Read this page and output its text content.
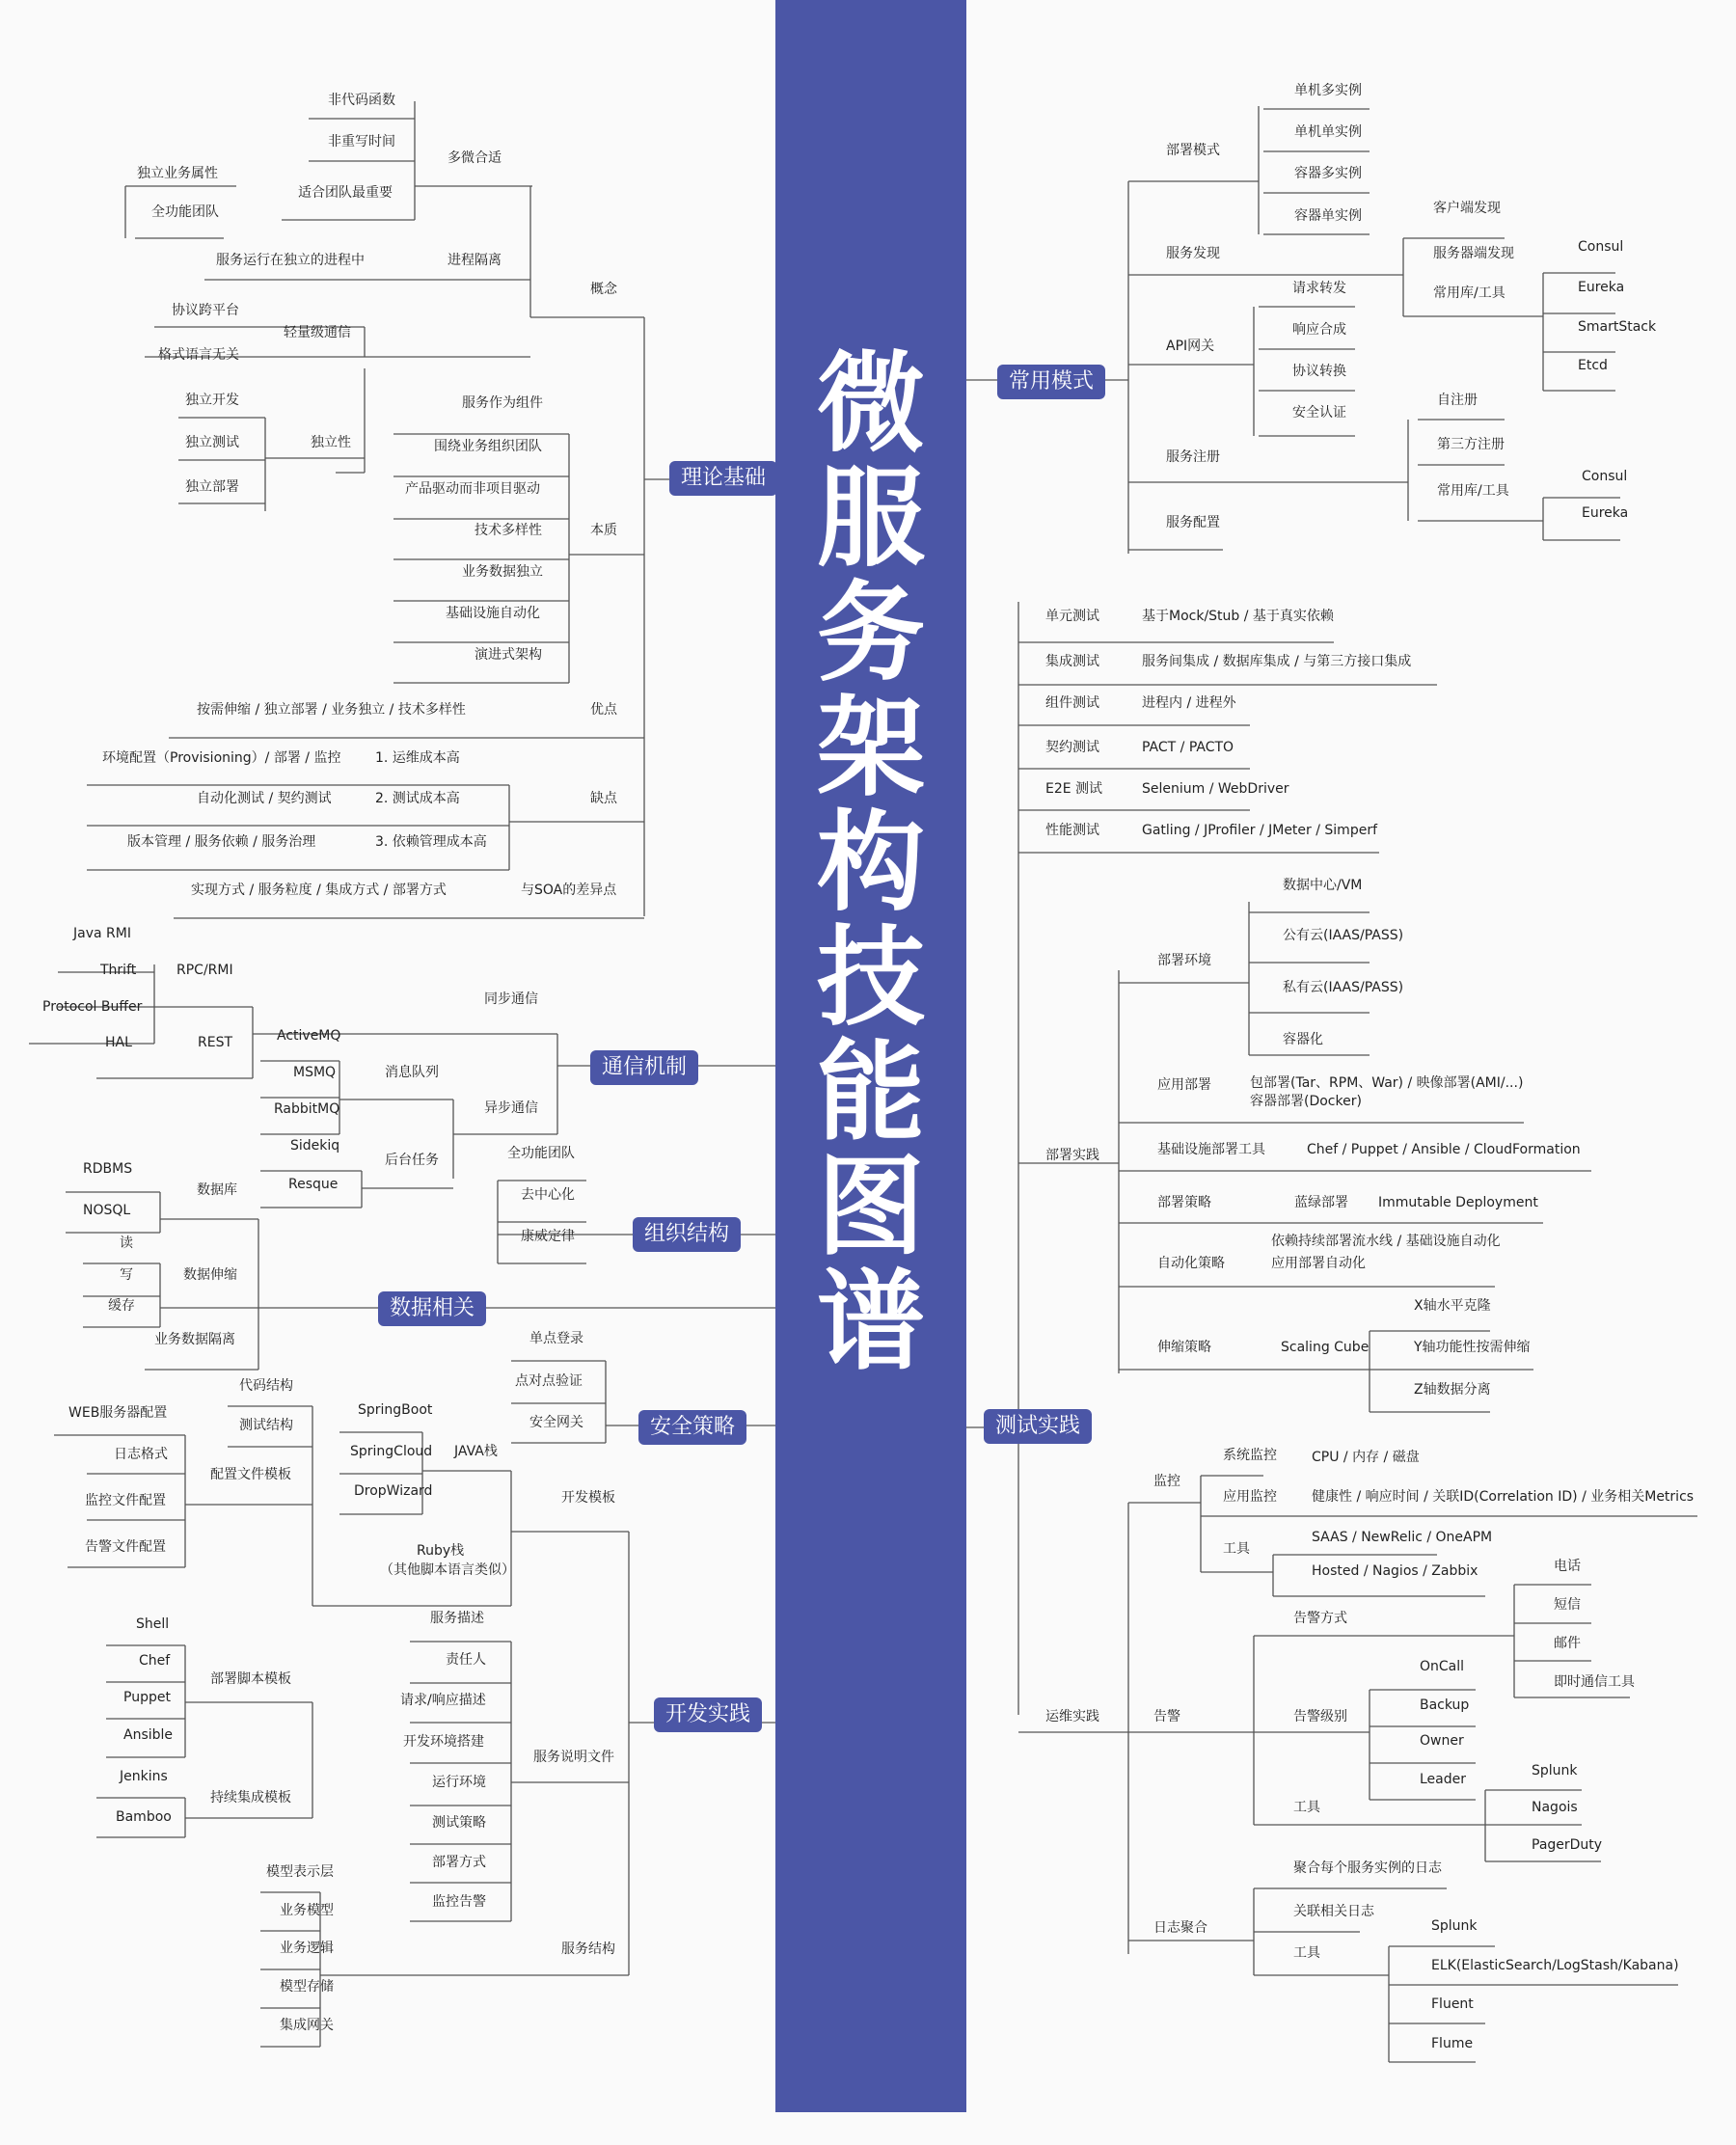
微
服
务
架
构
技
能
图
谱
理论基础
常用模式
通信机制
组织结构
数据相关
安全策略	测试实践
开发实践
非代码函数
非重写时间
独立业务属性
多微合适
适合团队最重要
全功能团队
服务运行在独立的进程中	进程隔离
概念
协议跨平台
轻量级通信
格式语言无关
独立开发	服务作为组件
独立测试	独立性	围绕业务组织团队
独立部署	产品驱动而非项目驱动
技术多样性	本质
业务数据独立
基础设施自动化
演进式架构
按需伸缩 / 独立部署 / 业务独立 / 技术多样性	优点
环境配置（Provisioning）/ 部署 / 监控	1. 运维成本高
自动化测试 / 契约测试	2. 测试成本高	缺点
版本管理 / 服务依赖 / 服务治理	3. 依赖管理成本高
实现方式 / 服务粒度 / 集成方式 / 部署方式	与SOA的差异点
Java RMI
Thrift	RPC/RMI
Protocol Buffer	同步通信
HAL	REST	ActiveMQ
MSMQ	消息队列
RabbitMQ	异步通信
Sidekiq
后台任务
Resque
全功能团队
去中心化
康威定律
RDBMS
数据库
NOSQL
读
写	数据伸缩
缓存
业务数据隔离	单点登录
点对点验证
安全网关
代码结构
WEB服务器配置	SpringBoot
测试结构
日志格式	SpringCloud JAVA栈
配置文件模板
DropWizard	开发模板
监控文件配置
告警文件配置	Ruby栈
（其他脚本语言类似）
服务描述
Shell
责任人
Chef
部署脚本模板
请求/响应描述
Puppet
Ansible	开发环境搭建
服务说明文件
Jenkins	运行环境
持续集成模板
Bamboo	测试策略
部署方式
模型表示层
监控告警
业务模型
业务逻辑	服务结构
模型存储
集成网关
单机多实例
单机单实例
部署模式
容器多实例
客户端发现
容器单实例
Consul
服务发现	服务器端发现
Eureka
请求转发	常用库/工具
SmartStack
响应合成
API网关
Etcd
协议转换
自注册
安全认证
第三方注册
服务注册
Consul
常用库/工具
Eureka
服务配置
单元测试	基于Mock/Stub / 基于真实依赖
集成测试	服务间集成 / 数据库集成 / 与第三方接口集成
组件测试	进程内 / 进程外
契约测试	PACT / PACTO
E2E 测试	Selenium / WebDriver
性能测试	Gatling / JProfiler / JMeter / Simperf
数据中心/VM
公有云(IAAS/PASS)
部署环境
私有云(IAAS/PASS)
容器化
应用部署	包部署(Tar、RPM、War) / 映像部署(AMI/...)
容器部署(Docker)
部署实践	基础设施部署工具	Chef / Puppet / Ansible / CloudFormation
部署策略	蓝绿部署 Immutable Deployment
依赖持续部署流水线 / 基础设施自动化
自动化策略	应用部署自动化
X轴水平克隆
伸缩策略	Scaling Cube	Y轴功能性按需伸缩
Z轴数据分离
系统监控	CPU / 内存 / 磁盘
监控
应用监控	健康性 / 响应时间 / 关联ID(Correlation ID) / 业务相关Metrics
SAAS / NewRelic / OneAPM
工具
Hosted / Nagios / Zabbix	电话
短信
告警方式
邮件
OnCall
即时通信工具
Backup
运维实践	告警	告警级别
Owner
Splunk
Leader
工具	Nagois
PagerDuty
聚合每个服务实例的日志
关联相关日志
日志聚合	Splunk
工具
ELK(ElasticSearch/LogStash/Kabana)
Fluent
Flume
